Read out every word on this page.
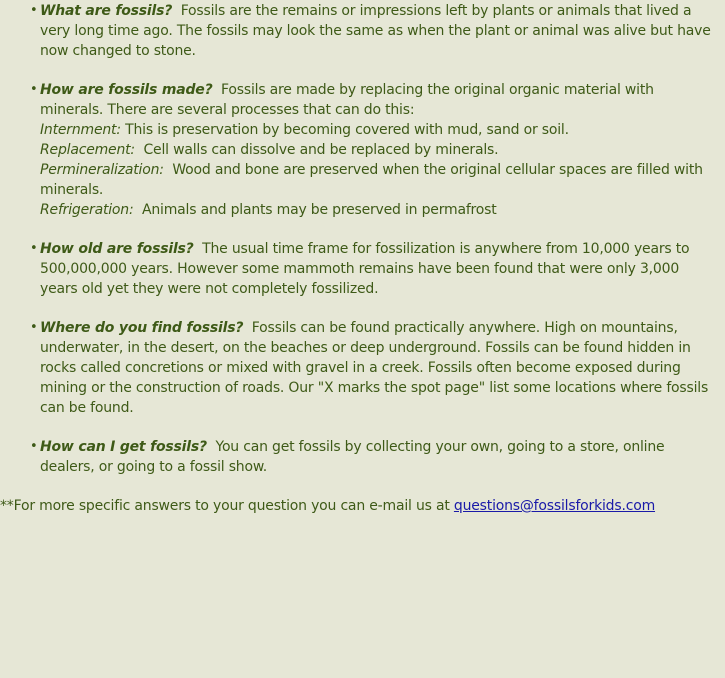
• What are fossils? Fossils are the remains or impressions left by plants or animals that lived a very long time ago. The fossils may look the same as when the plant or animal was alive but have now changed to stone.
• How are fossils made? Fossils are made by replacing the original organic material with minerals. There are several processes that can do this:
Internment: This is preservation by becoming covered with mud, sand or soil.
Replacement: Cell walls can dissolve and be replaced by minerals.
Permineralization: Wood and bone are preserved when the original cellular spaces are filled with minerals.
Refrigeration: Animals and plants may be preserved in permafrost
• How old are fossils? The usual time frame for fossilization is anywhere from 10,000 years to 500,000,000 years. However some mammoth remains have been found that were only 3,000 years old yet they were not completely fossilized.
• Where do you find fossils? Fossils can be found practically anywhere. High on mountains, underwater, in the desert, on the beaches or deep underground. Fossils can be found hidden in rocks called concretions or mixed with gravel in a creek. Fossils often become exposed during mining or the construction of roads. Our "X marks the spot page" list some locations where fossils can be found.
• How can I get fossils? You can get fossils by collecting your own, going to a store, online dealers, or going to a fossil show.

**For more specific answers to your question you can e-mail us at questions@fossilsforkids.com
